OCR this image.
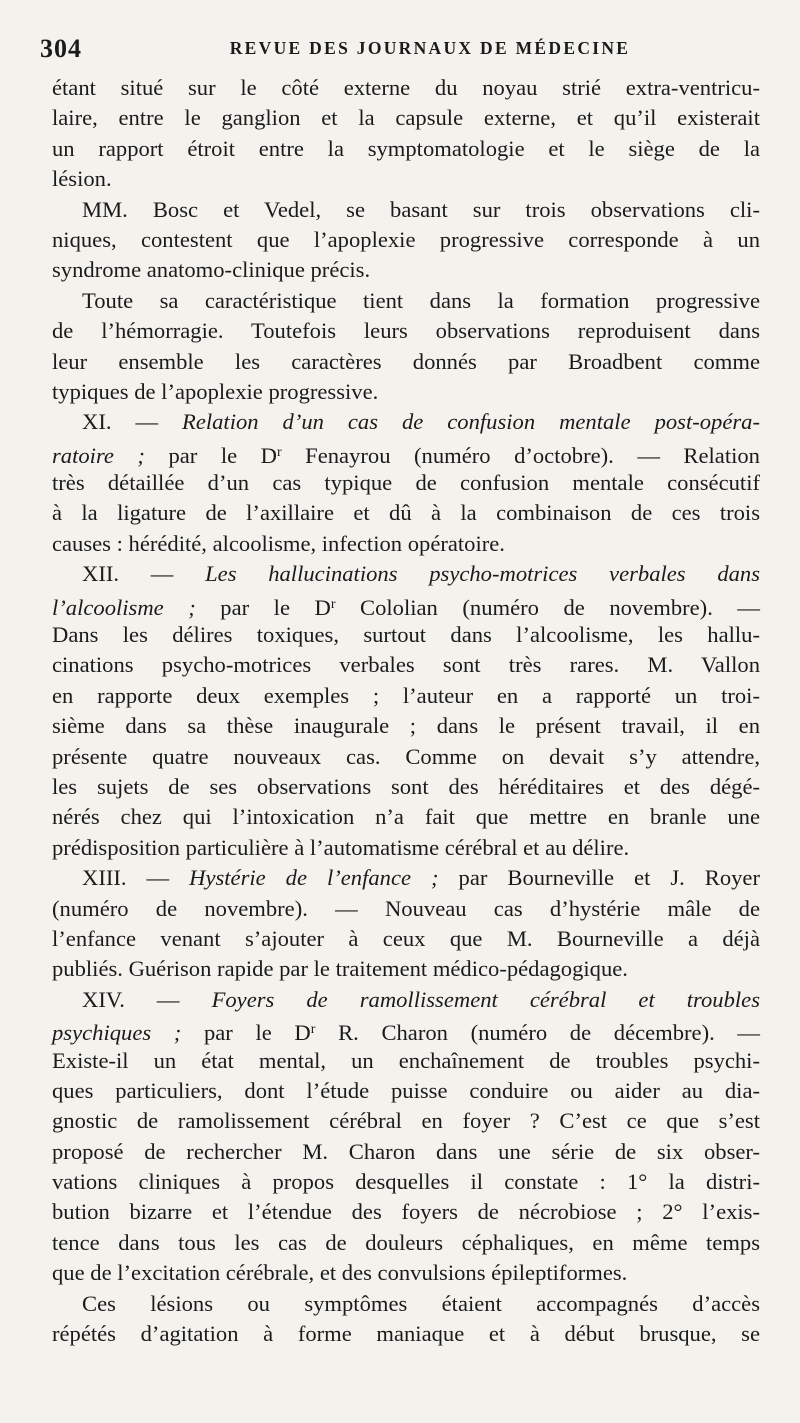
304	REVUE DES JOURNAUX DE MÉDECINE
étant situé sur le côté externe du noyau strié extra-ventricu-
laire, entre le ganglion et la capsule externe, et qu’il existerait
un rapport étroit entre la symptomatologie et le siège de la
lésion.
MM. Bosc et Vedel, se basant sur trois observations cli-
niques, contestent que l’apoplexie progressive corresponde à un
syndrome anatomo-clinique précis.
Toute sa caractéristique tient dans la formation progressive
de l’hémorragie. Toutefois leurs observations reproduisent dans
leur ensemble les caractères donnés par Broadbent comme
typiques de l’apoplexie progressive.
XI. — Relation d’un cas de confusion mentale post-opéra-
ratoire ; par le $D^r$ Fenayrou (numéro d’octobre). — Relation
très détaillée d’un cas typique de confusion mentale consécutif
à la ligature de l’axillaire et dû à la combinaison de ces trois
causes : hérédité, alcoolisme, infection opératoire.
XII. — Les hallucinations psycho-motrices verbales dans
l’alcoolisme ; par le $D^r$ Cololian (numéro de novembre). —
Dans les délires toxiques, surtout dans l’alcoolisme, les hallu-
cinations psycho-motrices verbales sont très rares. M. Vallon
en rapporte deux exemples ; l’auteur en a rapporté un troi-
sième dans sa thèse inaugurale ; dans le présent travail, il en
présente quatre nouveaux cas. Comme on devait s’y attendre,
les sujets de ses observations sont des héréditaires et des dégé-
nérés chez qui l’intoxication n’a fait que mettre en branle une
prédisposition particulière à l’automatisme cérébral et au délire.
XIII. — Hystérie de l’enfance ; par Bourneville et J. Royer
(numéro de novembre). — Nouveau cas d’hystérie mâle de
l’enfance venant s’ajouter à ceux que M. Bourneville a déjà
publiés. Guérison rapide par le traitement médico-pédagogique.
XIV. — Foyers de ramollissement cérébral et troubles
psychiques ; par le $D^r$ R. Charon (numéro de décembre). —
Existe-il un état mental, un enchaînement de troubles psychi-
ques particuliers, dont l’étude puisse conduire ou aider au dia-
gnostic de ramolissement cérébral en foyer ? C’est ce que s’est
proposé de rechercher M. Charon dans une série de six obser-
vations cliniques à propos desquelles il constate : 1° la distri-
bution bizarre et l’étendue des foyers de nécrobiose ; 2° l’exis-
tence dans tous les cas de douleurs céphaliques, en même temps
que de l’excitation cérébrale, et des convulsions épileptiformes.
Ces lésions ou symptômes étaient accompagnés d’accès
répétés d’agitation à forme maniaque et à début brusque, se
